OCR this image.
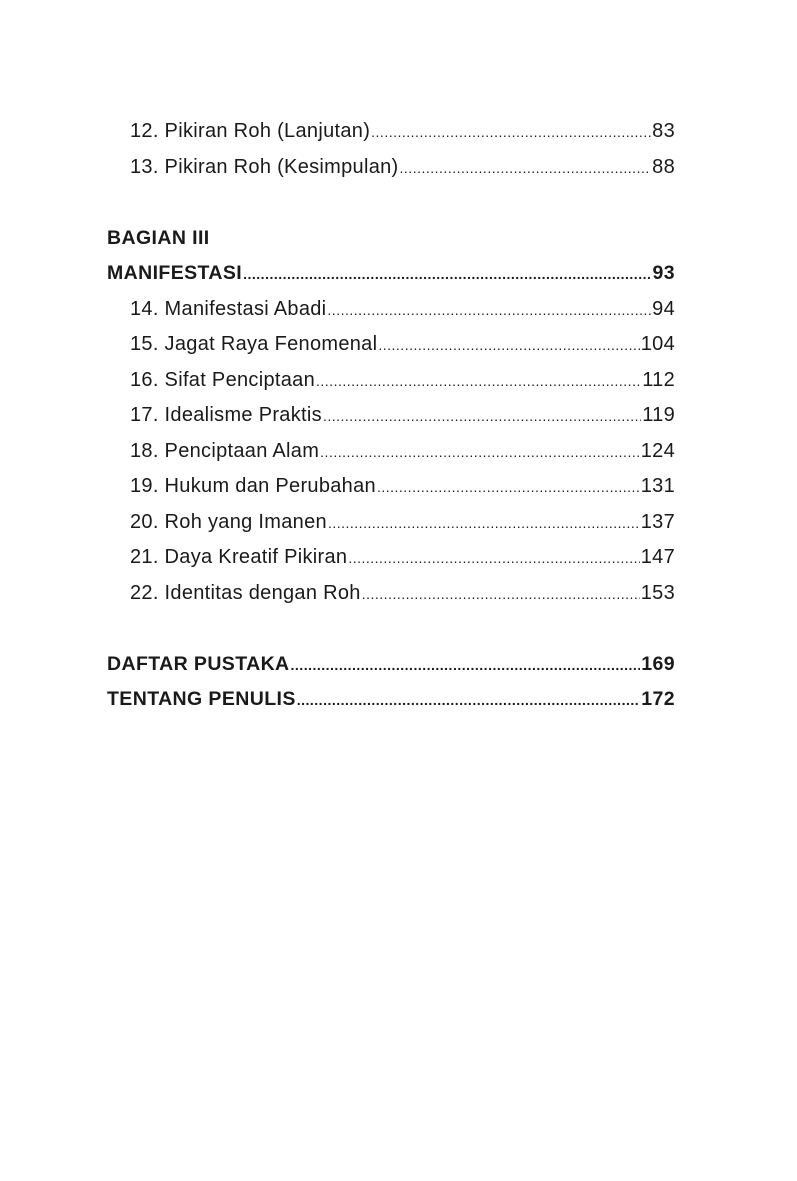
12. Pikiran Roh (Lanjutan) .....	83
13. Pikiran Roh (Kesimpulan) .....	88
BAGIAN III
MANIFESTASI .....	93
14. Manifestasi Abadi .....	94
15. Jagat Raya Fenomenal .....	104
16. Sifat Penciptaan .....	112
17. Idealisme Praktis .....	119
18. Penciptaan Alam .....	124
19. Hukum dan Perubahan .....	131
20. Roh yang Imanen .....	137
21. Daya Kreatif Pikiran .....	147
22. Identitas dengan Roh .....	153
DAFTAR PUSTAKA .....	169
TENTANG PENULIS .....	172
